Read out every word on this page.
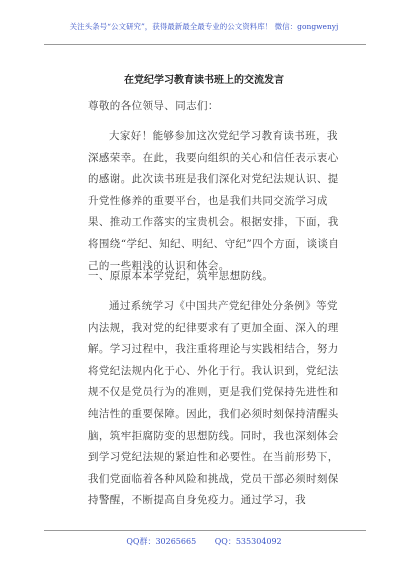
关注头条号“公文研究”，获得最新最全最专业的公文资料库！ 微信：gongwenyj
在党纪学习教育读书班上的交流发言
尊敬的各位领导、同志们：

大家好！能够参加这次党纪学习教育读书班，我深感荣幸。在此，我要向组织的关心和信任表示衷心的感谢。此次读书班是我们深化对党纪法规认识、提升党性修养的重要平台，也是我们共同交流学习成果、推动工作落实的宝贵机会。根据安排，下面，我将围绕“学纪、知纪、明纪、守纪”四个方面，谈谈自己的一些粗浅的认识和体会。

一、原原本本学党纪，筑牢思想防线。

通过系统学习《中国共产党纪律处分条例》等党内法规，我对党的纪律要求有了更加全面、深入的理解。学习过程中，我注重将理论与实践相结合，努力将党纪法规内化于心、外化于行。我认识到，党纪法规不仅是党员行为的准则，更是我们党保持先进性和纯洁性的重要保障。因此，我们必须时刻保持清醒头脑，筑牢拒腐防变的思想防线。同时，我也深刻体会到学习党纪法规的紧迫性和必要性。在当前形势下，我们党面临着各种风险和挑战，党员干部必须时刻保持警醒，不断提高自身免疫力。通过学习，我

QQ群：30265665 QQ：535304092
